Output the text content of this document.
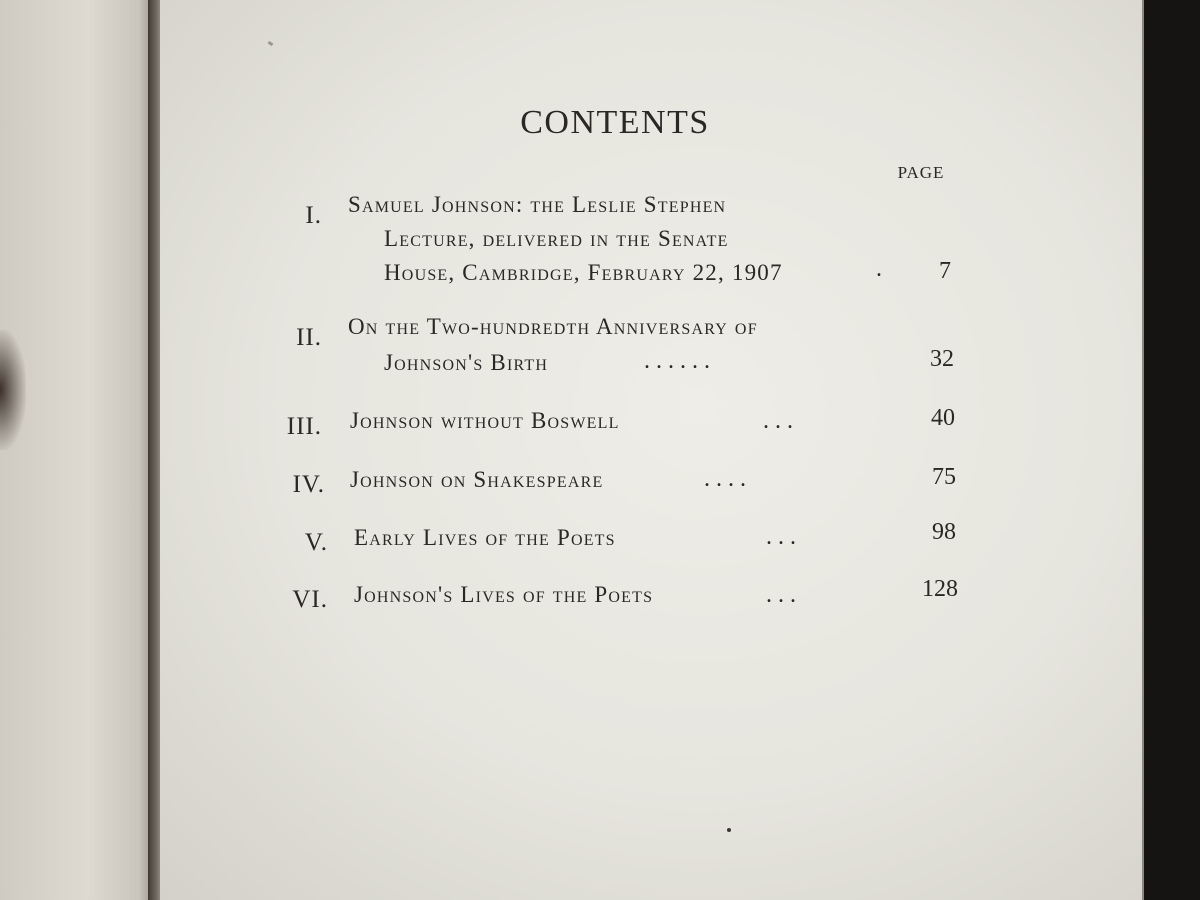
CONTENTS
PAGE
I. Samuel Johnson: the Leslie Stephen
Lecture, delivered in the Senate
House, Cambridge, February 22, 1907	.	7
II. On the Two-hundredth Anniversary of
Johnson's Birth	. . . . . .	32
III. Johnson without Boswell	. . .	40
IV. Johnson on Shakespeare	. . . .	75
V. Early Lives of the Poets	. . .	98
VI. Johnson's Lives of the Poets	. . .	128
